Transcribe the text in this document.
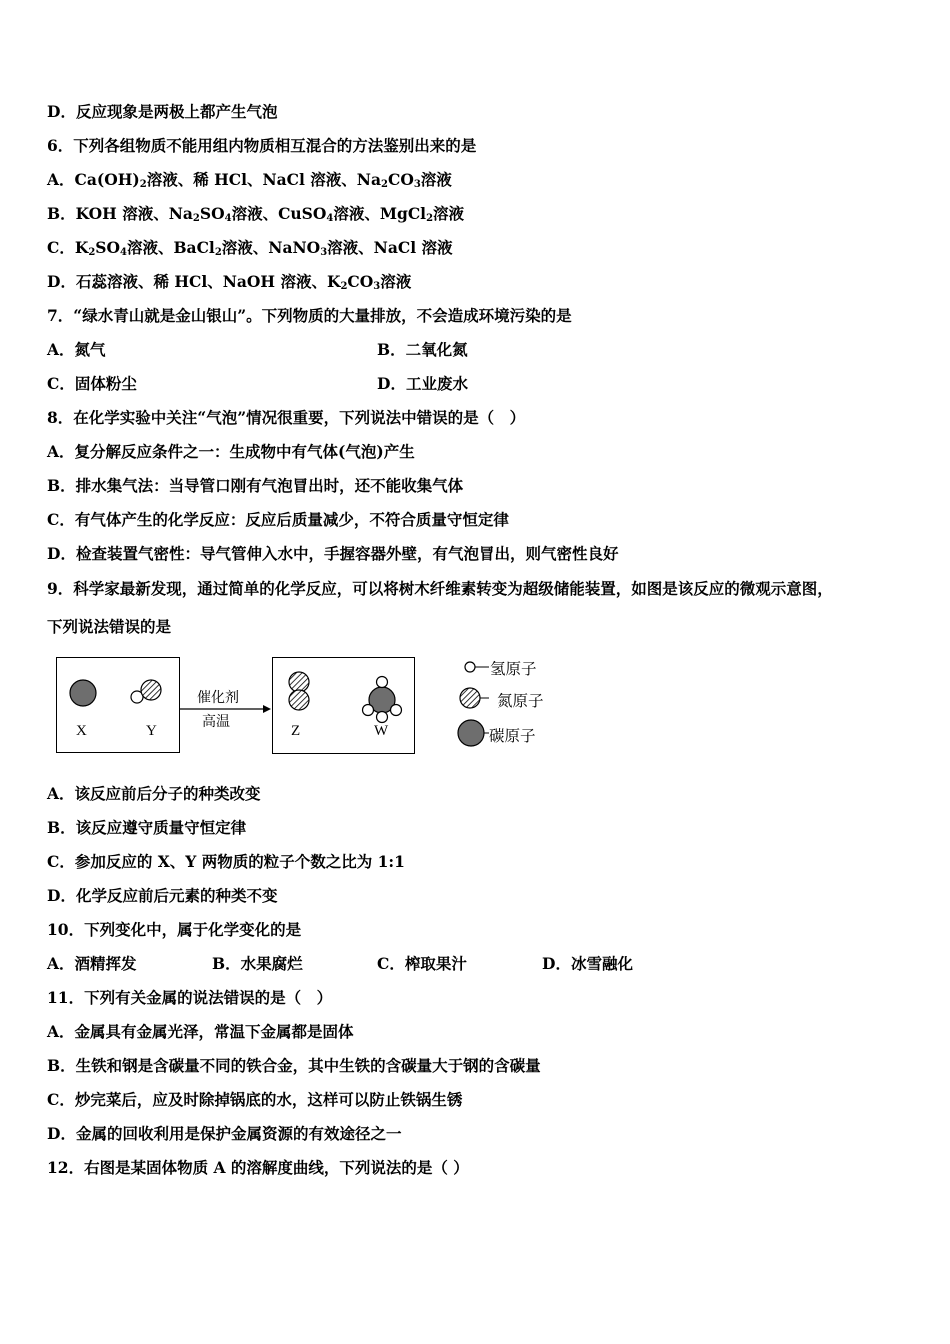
D．反应现象是两极上都产生气泡
6．下列各组物质不能用组内物质相互混合的方法鉴别出来的是
A．$Ca(OH)_2$溶液、稀 HCl、NaCl 溶液、$Na_2CO_3$溶液
B．KOH 溶液、$Na_2SO_4$溶液、CuSO$_4$溶液、MgCl$_2$溶液
C．$K_2SO_4$溶液、BaCl$_2$溶液、NaNO$_3$溶液、NaCl 溶液
D．石蕊溶液、稀 HCl、NaOH 溶液、$K_2CO_3$溶液
7．“绿水青山就是金山银山”。下列物质的大量排放，不会造成环境污染的是
A．氮气	B．二氧化氮
C．固体粉尘	D．工业废水
8．在化学实验中关注“气泡”情况很重要，下列说法中错误的是（　）
A．复分解反应条件之一：生成物中有气体(气泡)产生
B．排水集气法：当导管口刚有气泡冒出时，还不能收集气体
C．有气体产生的化学反应：反应后质量减少，不符合质量守恒定律
D．检查装置气密性：导气管伸入水中，手握容器外壁，有气泡冒出，则气密性良好
9．科学家最新发现，通过简单的化学反应，可以将树木纤维素转变为超级储能装置，如图是该反应的微观示意图，
下列说法错误的是
X	Y
催化剂
高温
Z	W
氢原子
氮原子
碳原子
A．该反应前后分子的种类改变
B．该反应遵守质量守恒定律
C．参加反应的 X、Y 两物质的粒子个数之比为 1:1
D．化学反应前后元素的种类不变
10．下列变化中，属于化学变化的是
A．酒精挥发	B．水果腐烂	C．榨取果汁	D．冰雪融化
11．下列有关金属的说法错误的是（　）
A．金属具有金属光泽，常温下金属都是固体
B．生铁和钢是含碳量不同的铁合金，其中生铁的含碳量大于钢的含碳量
C．炒完菜后，应及时除掉锅底的水，这样可以防止铁锅生锈
D．金属的回收利用是保护金属资源的有效途径之一
12．右图是某固体物质 A 的溶解度曲线，下列说法的是（ ）
